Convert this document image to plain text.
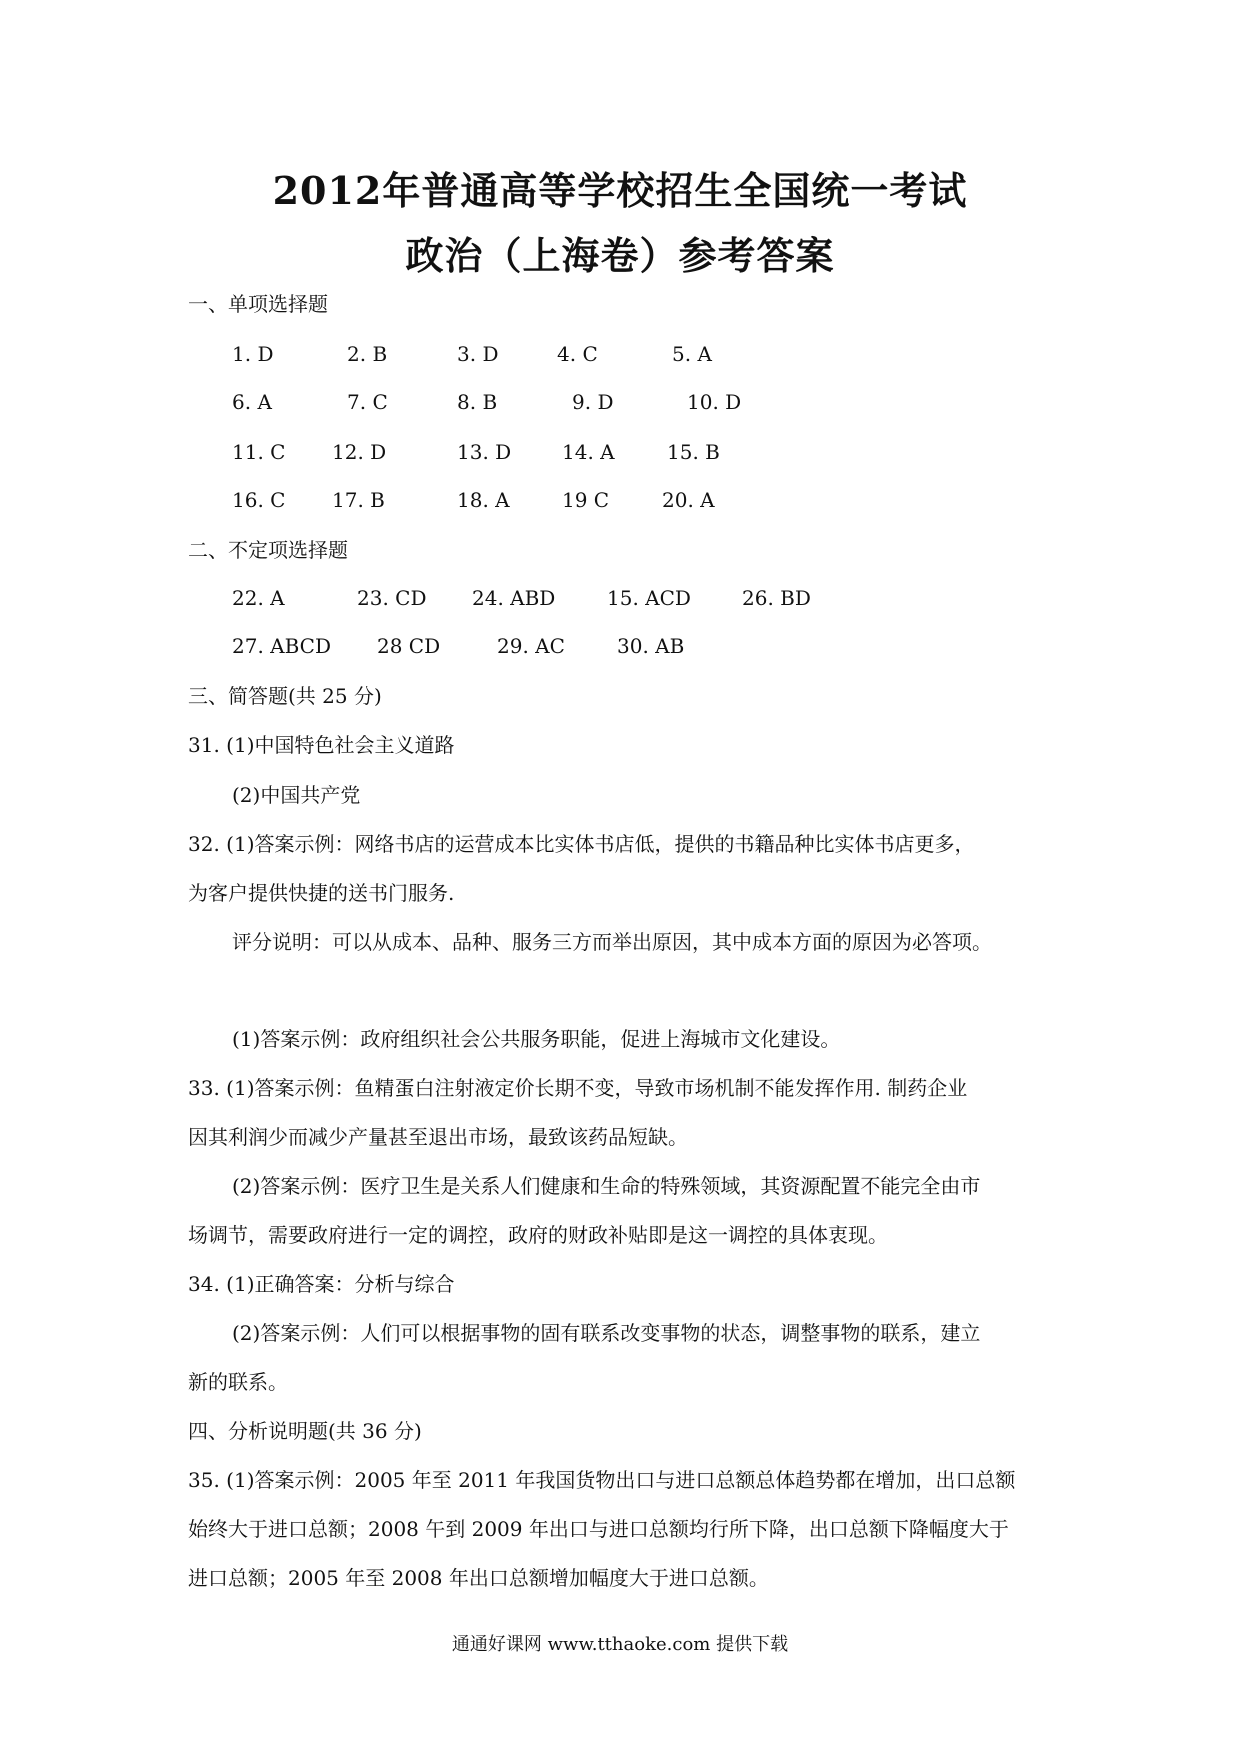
2012年普通高等学校招生全国统一考试
政治（上海卷）参考答案
一、单项选择题
1. D	2. B	3. D	4. C	5. A
6. A	7. C	8. B	9. D	10. D
11. C 12. D	13. D	14. A	15. B
16. C 17. B	18. A	19 C	20. A
二、不定项选择题
22. A	23. CD 24. ABD	15. ACD	26. BD
27. ABCD 28 CD	29. AC	30. AB
三、简答题(共 25 分)
31. (1)中国特色社会主义道路
(2)中国共产党
32. (1)答案示例：网络书店的运营成本比实体书店低，提供的书籍品种比实体书店更多，
为客户提供快捷的送书门服务.
评分说明：可以从成本、品种、服务三方而举出原因，其中成本方面的原因为必答项。
(1)答案示例：政府组织社会公共服务职能，促进上海城市文化建设。
33. (1)答案示例：鱼精蛋白注射液定价长期不变，导致市场机制不能发挥作用. 制药企业
因其利润少而减少产量甚至退出市场，最致该药品短缺。
(2)答案示例：医疗卫生是关系人们健康和生命的特殊领域，其资源配置不能完全由市
场调节，需要政府进行一定的调控，政府的财政补贴即是这一调控的具体衷现。
34. (1)正确答案：分析与综合
(2)答案示例：人们可以根据事物的固有联系改变事物的状态，调整事物的联系，建立
新的联系。
四、分析说明题(共 36 分)
35. (1)答案示例：2005 年至 2011 年我国货物出口与进口总额总体趋势都在增加，出口总额
始终大于进口总额；2008 午到 2009 年出口与进口总额均行所下降，出口总额下降幅度大于
进口总额；2005 年至 2008 年出口总额增加幅度大于进口总额。
通通好课网 www.tthaoke.com 提供下载
